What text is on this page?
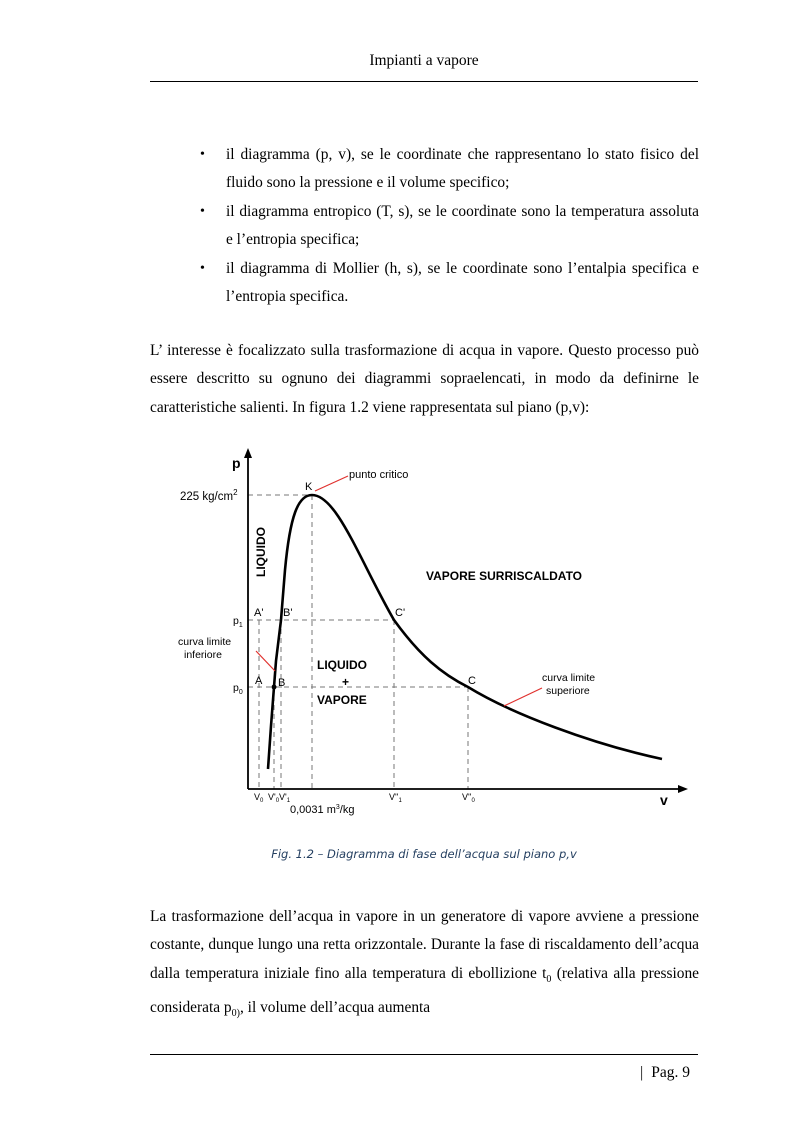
Impianti a vapore
• il diagramma (p, v), se le coordinate che rappresentano lo stato fisico del fluido sono la pressione e il volume specifico;
• il diagramma entropico (T, s), se le coordinate sono la temperatura assoluta e l’entropia specifica;
• il diagramma di Mollier (h, s), se le coordinate sono l’entalpia specifica e l’entropia specifica.

L’ interesse è focalizzato sulla trasformazione di acqua in vapore. Questo processo può essere descritto su ognuno dei diagrammi sopraelencati, in modo da definirne le caratteristiche salienti. In figura 1.2 viene rappresentata sul piano (p,v):

p
v
225 $kg/cm^2$	K
punto critico
LIQUIDO	VAPORE SURRISCALDATO
LIQUIDO
+
VAPORE
curva limite
inferiore
curva limite
superiore
$p_1$
$p_0$
A' B'	C'
A B	C
$V_0$ $V'_0$ $V'_1$	$V''_1$	$V''_0$
0,0031 $m^3/kg$
Fig. 1.2 – Diagramma di fase dell’acqua sul piano p,v

La trasformazione dell’acqua in vapore in un generatore di vapore avviene a pressione costante, dunque lungo una retta orizzontale. Durante la fase di riscaldamento dell’acqua dalla temperatura iniziale fino alla temperatura di ebollizione $t_0$ (relativa alla pressione considerata $p_{0)}$, il volume dell’acqua aumenta

| Pag. 9
